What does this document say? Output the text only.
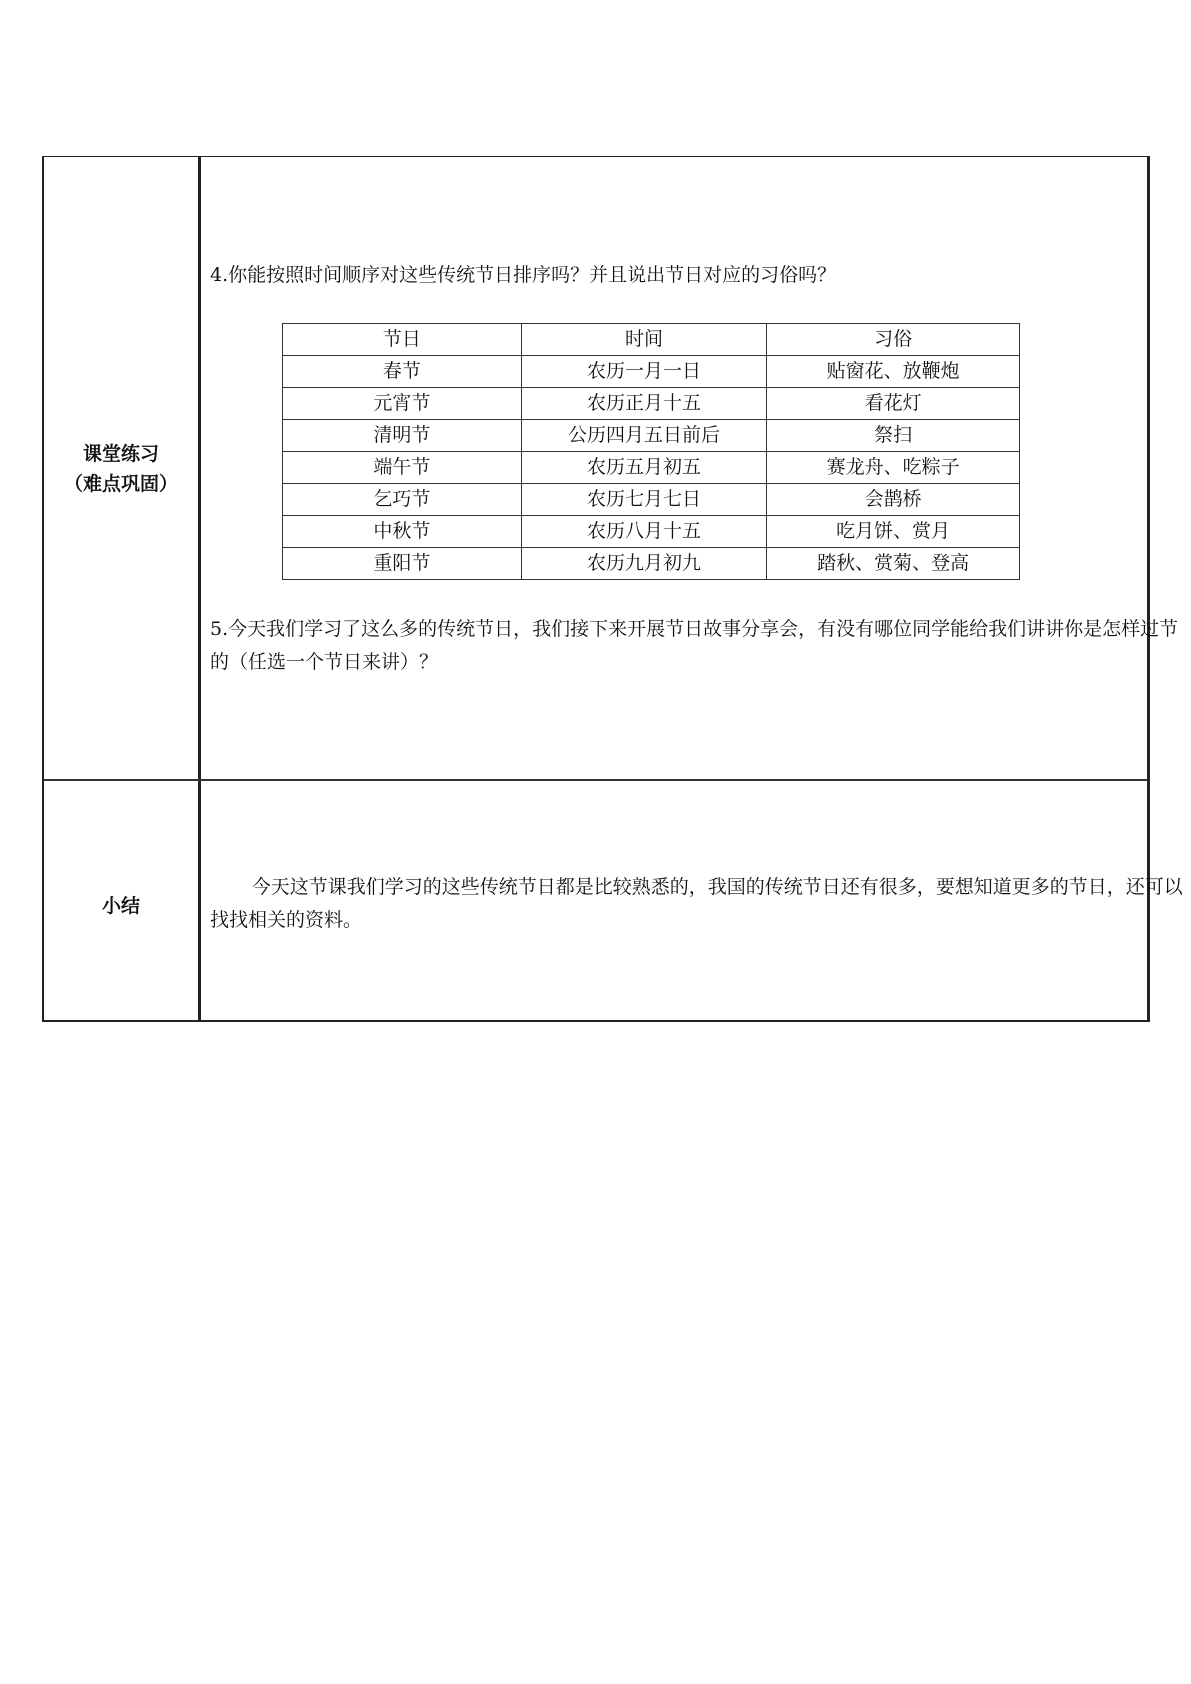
课堂练习
（难点巩固）
4.你能按照时间顺序对这些传统节日排序吗？并且说出节日对应的习俗吗？
节日	时间	习俗
春节	农历一月一日	贴窗花、放鞭炮
元宵节	农历正月十五	看花灯
清明节	公历四月五日前后	祭扫
端午节	农历五月初五	赛龙舟、吃粽子
乞巧节	农历七月七日	会鹊桥
中秋节	农历八月十五	吃月饼、赏月
重阳节	农历九月初九	踏秋、赏菊、登高
5.今天我们学习了这么多的传统节日，我们接下来开展节日故事分享会，有没有哪位同学能给我们讲讲你是怎样过节的（任选一个节日来讲）？
小结
今天这节课我们学习的这些传统节日都是比较熟悉的，我国的传统节日还有很多，要想知道更多的节日，还可以找找相关的资料。
